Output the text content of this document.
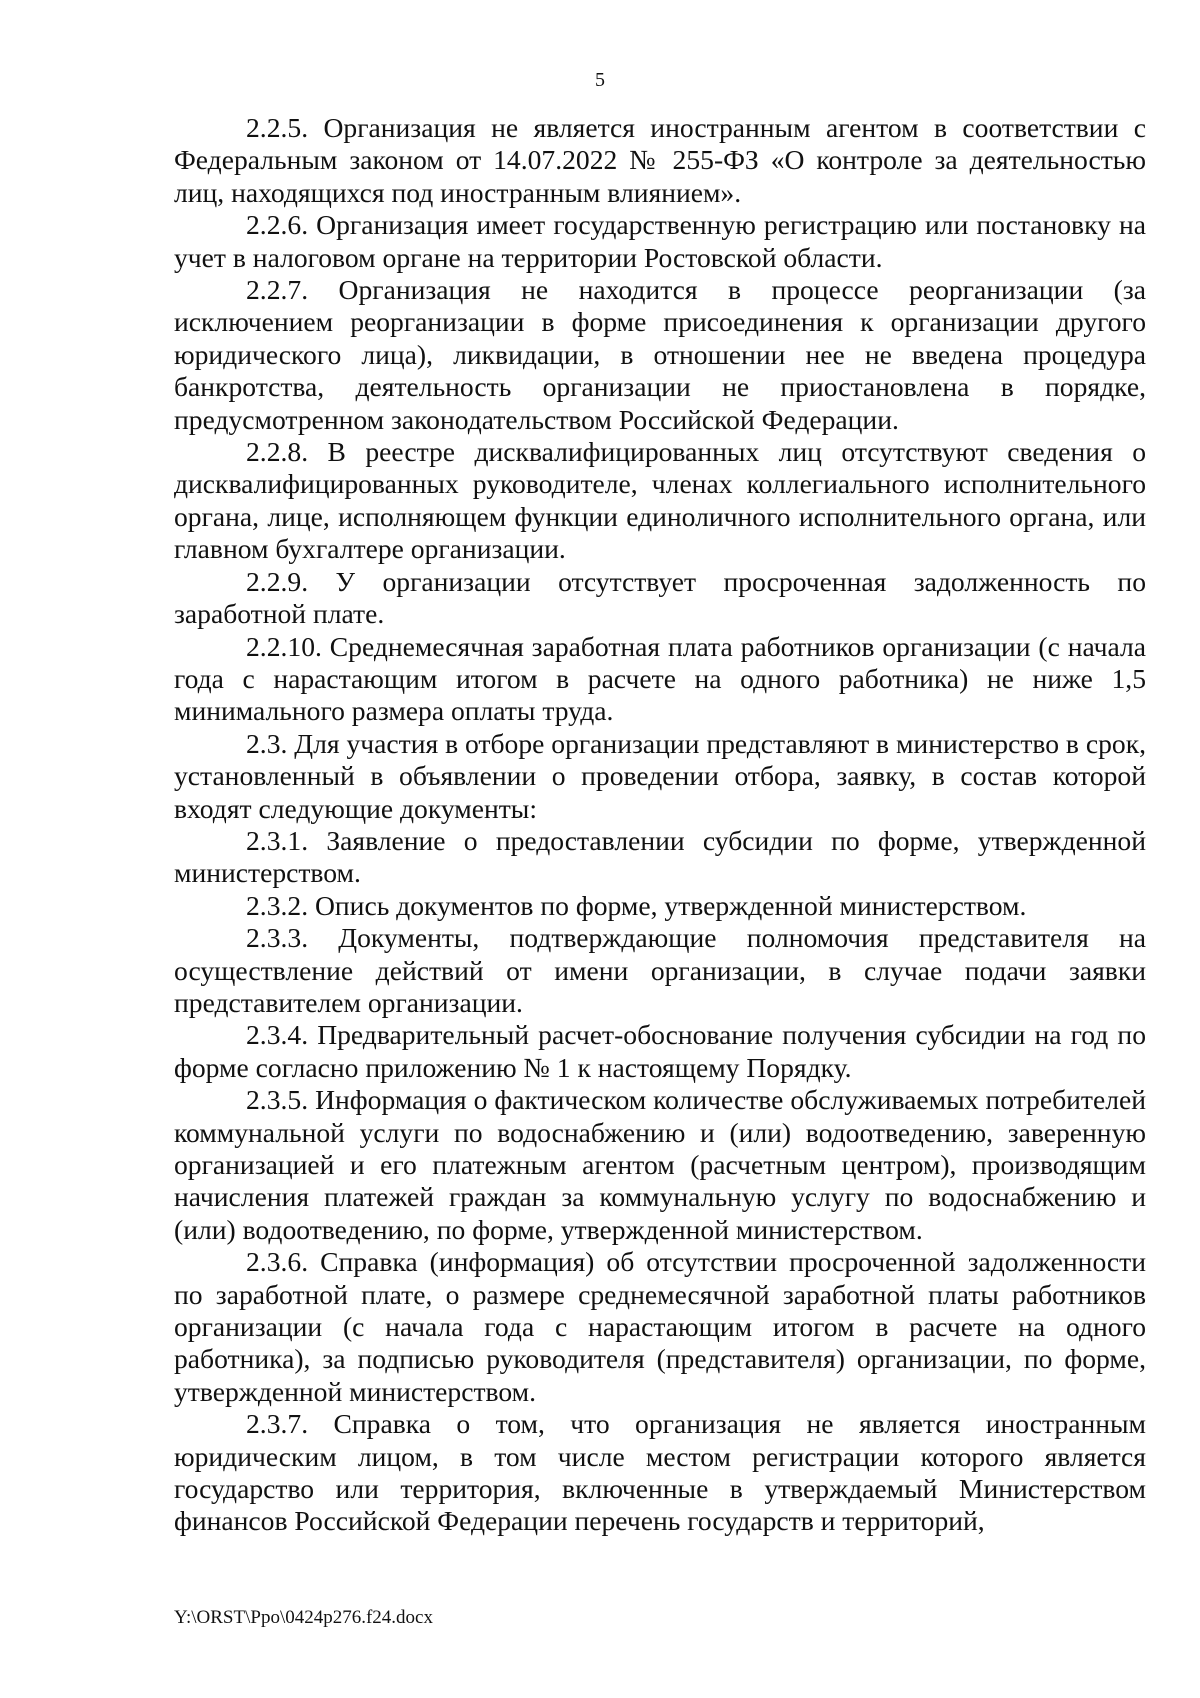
5

2.2.5. Организация не является иностранным агентом в соответствии с Федеральным законом от 14.07.2022 № 255-ФЗ «О контроле за деятельностью лиц, находящихся под иностранным влиянием».

2.2.6. Организация имеет государственную регистрацию или постановку на учет в налоговом органе на территории Ростовской области.

2.2.7. Организация не находится в процессе реорганизации (за исключением реорганизации в форме присоединения к организации другого юридического лица), ликвидации, в отношении нее не введена процедура банкротства, деятельность организации не приостановлена в порядке, предусмотренном законодательством Российской Федерации.

2.2.8. В реестре дисквалифицированных лиц отсутствуют сведения о дисквалифицированных руководителе, членах коллегиального исполнительного органа, лице, исполняющем функции единоличного исполнительного органа, или главном бухгалтере организации.

2.2.9. У организации отсутствует просроченная задолженность по заработной плате.

2.2.10. Среднемесячная заработная плата работников организации (с начала года с нарастающим итогом в расчете на одного работника) не ниже 1,5 минимального размера оплаты труда.

2.3. Для участия в отборе организации представляют в министерство в срок, установленный в объявлении о проведении отбора, заявку, в состав которой входят следующие документы:

2.3.1. Заявление о предоставлении субсидии по форме, утвержденной министерством.

2.3.2. Опись документов по форме, утвержденной министерством.

2.3.3. Документы, подтверждающие полномочия представителя на осуществление действий от имени организации, в случае подачи заявки представителем организации.

2.3.4. Предварительный расчет-обоснование получения субсидии на год по форме согласно приложению № 1 к настоящему Порядку.

2.3.5. Информация о фактическом количестве обслуживаемых потребителей коммунальной услуги по водоснабжению и (или) водоотведению, заверенную организацией и его платежным агентом (расчетным центром), производящим начисления платежей граждан за коммунальную услугу по водоснабжению и (или) водоотведению, по форме, утвержденной министерством.

2.3.6. Справка (информация) об отсутствии просроченной задолженности по заработной плате, о размере среднемесячной заработной платы работников организации (с начала года с нарастающим итогом в расчете на одного работника), за подписью руководителя (представителя) организации, по форме, утвержденной министерством.

2.3.7. Справка о том, что организация не является иностранным юридическим лицом, в том числе местом регистрации которого является государство или территория, включенные в утверждаемый Министерством финансов Российской Федерации перечень государств и территорий,

Y:\ORST\Ppo\0424p276.f24.docx
